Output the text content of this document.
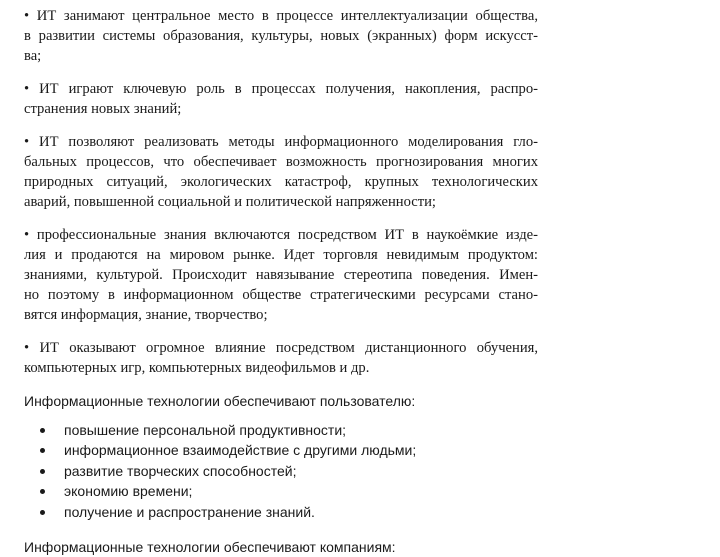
• ИТ занимают центральное место в процессе интеллектуализации общества,
в развитии системы образования, культуры, новых (экранных) форм искусст-
ва;
• ИТ играют ключевую роль в процессах получения, накопления, распро-
странения новых знаний;
• ИТ позволяют реализовать методы информационного моделирования гло-
бальных процессов, что обеспечивает возможность прогнозирования многих
природных ситуаций, экологических катастроф, крупных технологических
аварий, повышенной социальной и политической напряженности;
• профессиональные знания включаются посредством ИТ в наукоёмкие изде-
лия и продаются на мировом рынке. Идет торговля невидимым продуктом:
знаниями, культурой. Происходит навязывание стереотипа поведения. Имен-
но поэтому в информационном обществе стратегическими ресурсами стано-
вятся информация, знание, творчество;
• ИТ оказывают огромное влияние посредством дистанционного обучения,
компьютерных игр, компьютерных видеофильмов и др.

Информационные технологии обеспечивают пользователю:

повышение персональной продуктивности;
информационное взаимодействие с другими людьми;
развитие творческих способностей;
экономию времени;
получение и распространение знаний.
Информационные технологии обеспечивают компаниям:
